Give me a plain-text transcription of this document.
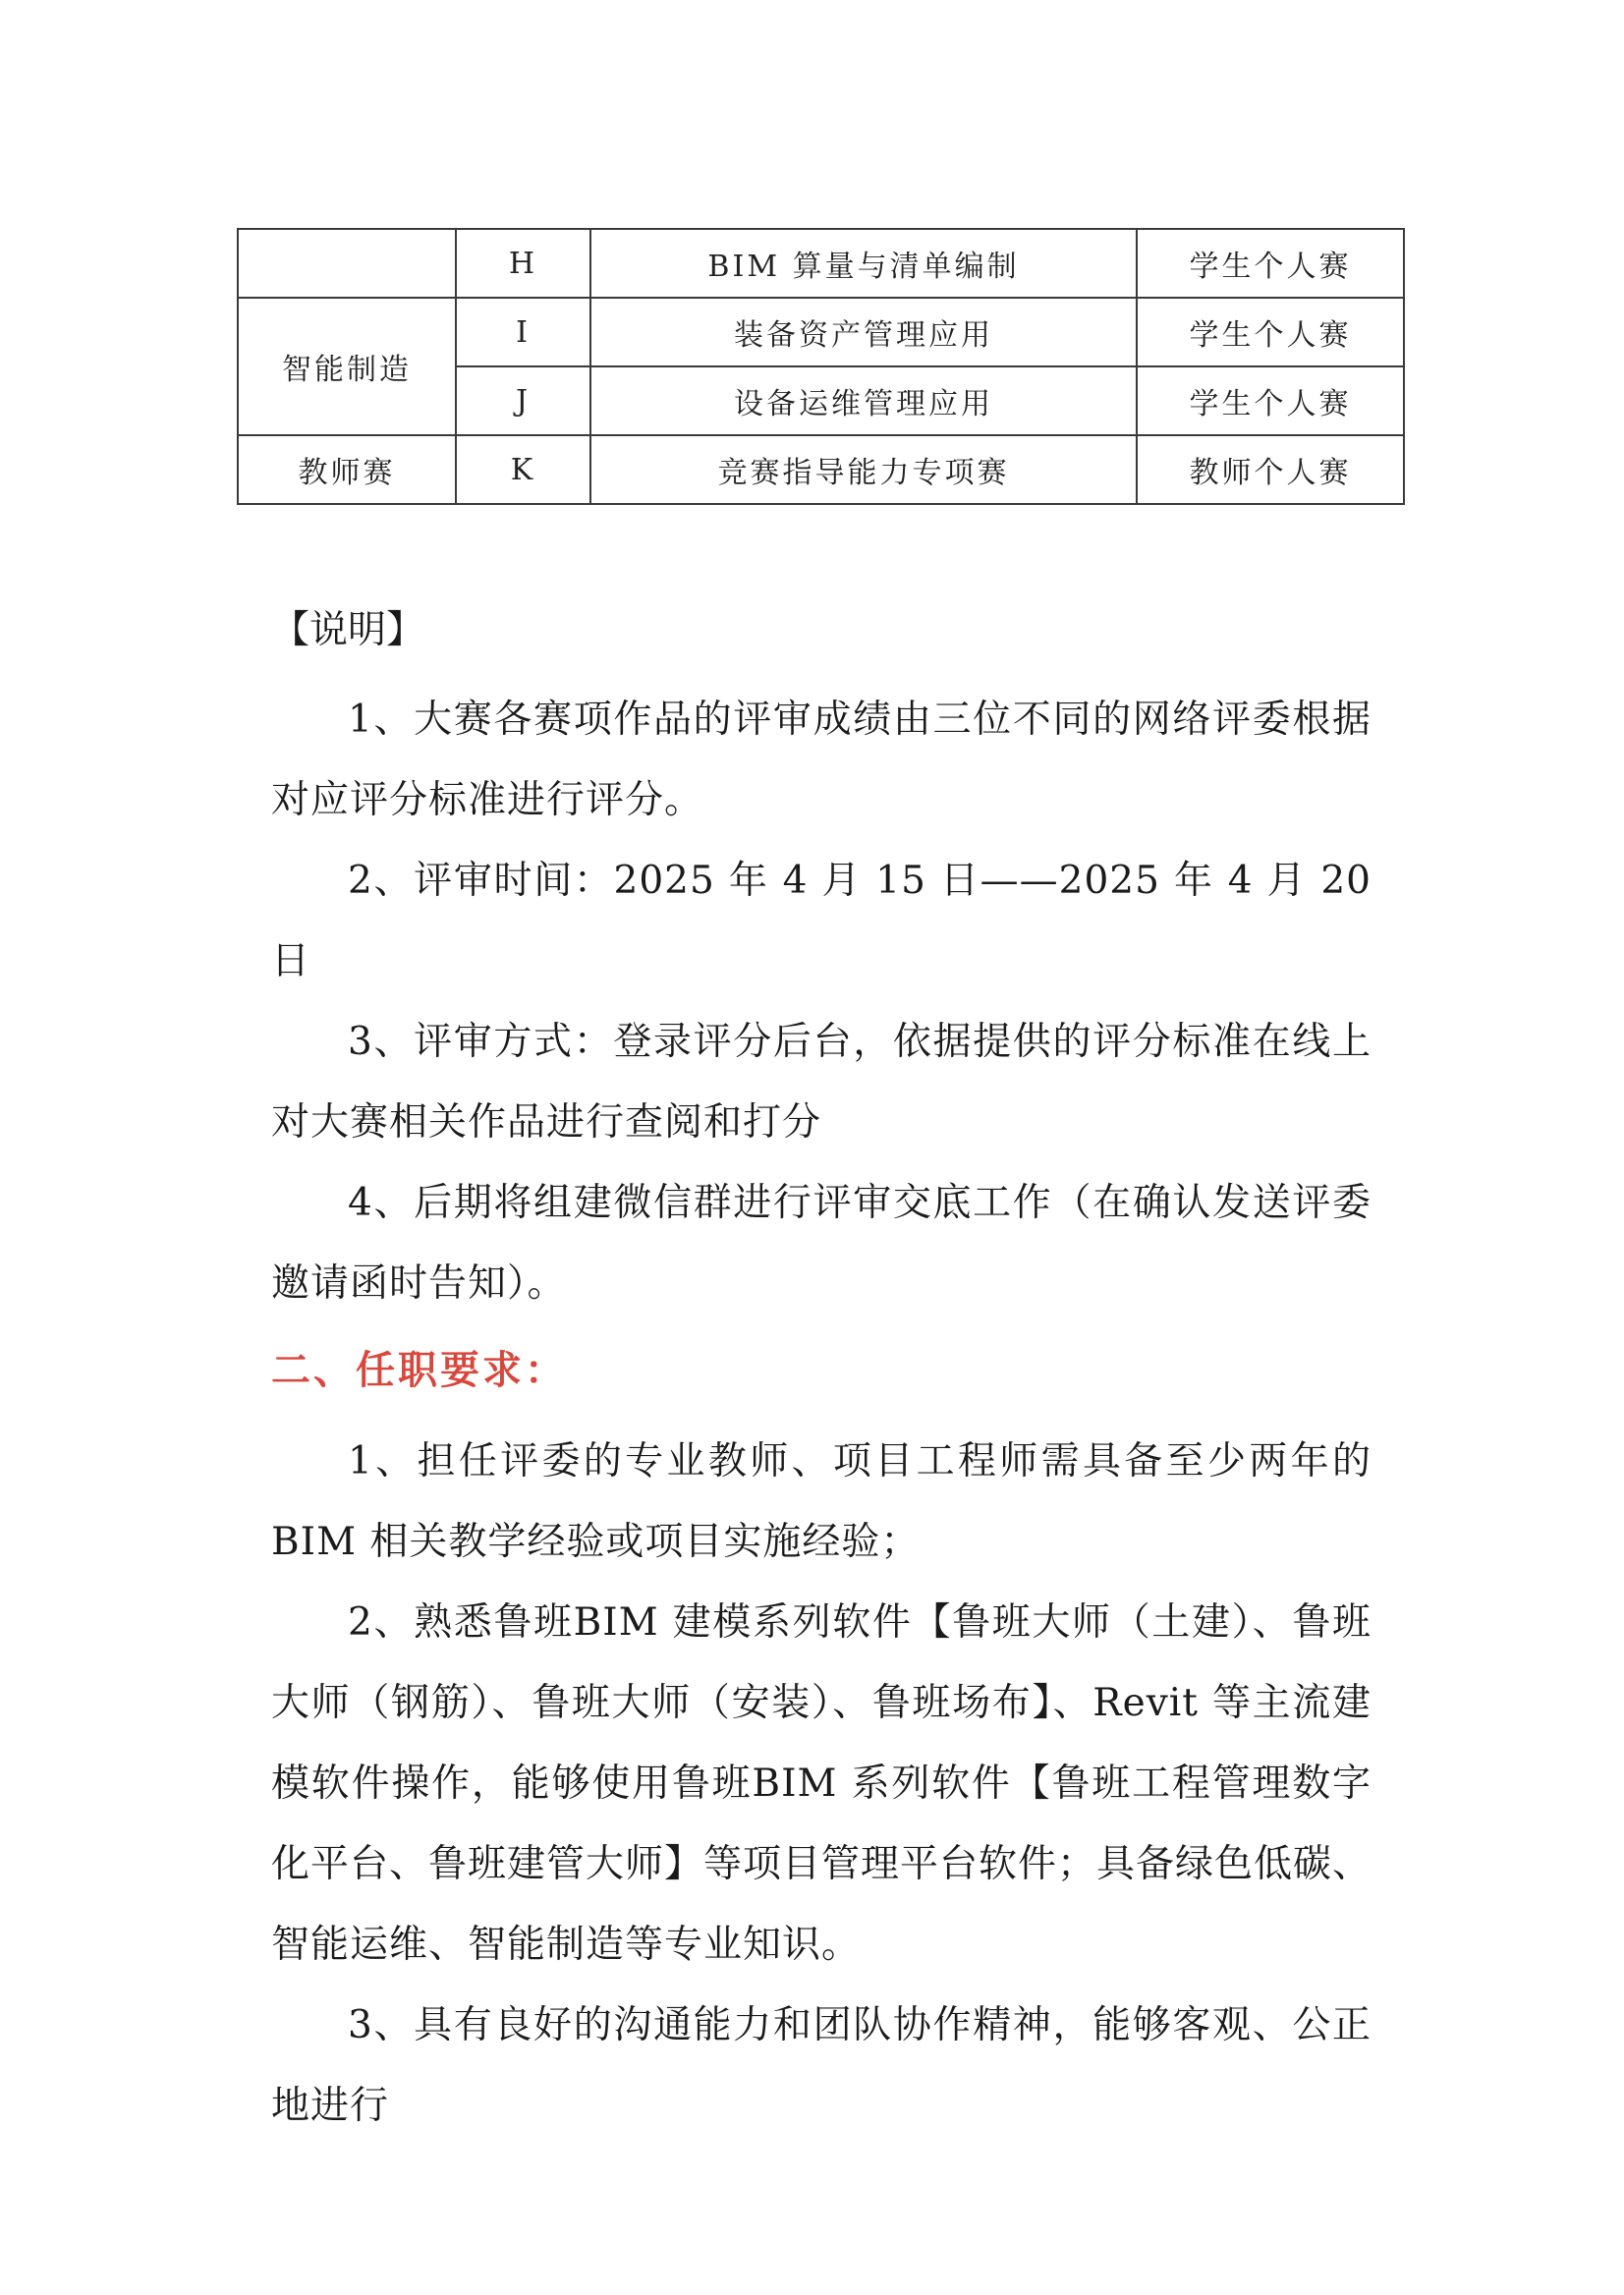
	H	BIM 算量与清单编制	学生个人赛
智能制造	I	装备资产管理应用	学生个人赛
	J	设备运维管理应用	学生个人赛
教师赛	K	竞赛指导能力专项赛	教师个人赛

【说明】

1、大赛各赛项作品的评审成绩由三位不同的网络评委根据对应评分标准进行评分。

2、评审时间：2025 年 4 月 15 日——2025 年 4 月 20 日

3、评审方式：登录评分后台，依据提供的评分标准在线上对大赛相关作品进行查阅和打分

4、后期将组建微信群进行评审交底工作（在确认发送评委邀请函时告知）。

二、任职要求：

1、担任评委的专业教师、项目工程师需具备至少两年的BIM 相关教学经验或项目实施经验；

2、熟悉鲁班BIM 建模系列软件【鲁班大师（土建）、鲁班大师（钢筋）、鲁班大师（安装）、鲁班场布】、Revit 等主流建模软件操作，能够使用鲁班BIM 系列软件【鲁班工程管理数字化平台、鲁班建管大师】等项目管理平台软件；具备绿色低碳、智能运维、智能制造等专业知识。

3、具有良好的沟通能力和团队协作精神，能够客观、公正地进行
